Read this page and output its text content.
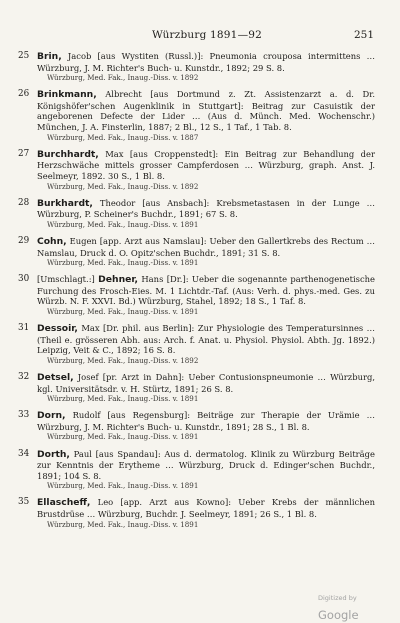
Würzburg 1891—92	251
25 Brin, Jacob [aus Wystiten (Russl.)]: Pneumonia crouposa intermittens … Würzburg, J. M. Richter's Buch- u. Kunstdr., 1892; 29 S. 8.
Würzburg, Med. Fak., Inaug.-Diss. v. 1892
26 Brinkmann, Albrecht [aus Dortmund z. Zt. Assistenzarzt a. d. Dr. Königshöfer'schen Augenklinik in Stuttgart]: Beitrag zur Casuistik der angeborenen Defecte der Lider … (Aus d. Münch. Med. Wochenschr.) München, J. A. Finsterlin, 1887; 2 Bl., 12 S., 1 Taf., 1 Tab. 8.
Würzburg, Med. Fak., Inaug.-Diss. v. 1887
27 Burchhardt, Max [aus Croppenstedt]: Ein Beitrag zur Behandlung der Herzschwäche mittels grosser Campferdosen … Würzburg, graph. Anst. J. Seelmeyr, 1892. 30 S., 1 Bl. 8.
Würzburg, Med. Fak., Inaug.-Diss. v. 1892
28 Burkhardt, Theodor [aus Ansbach]: Krebsmetastasen in der Lunge … Würzburg, P. Scheiner's Buchdr., 1891; 67 S. 8.
Würzburg, Med. Fak., Inaug.-Diss. v. 1891
29 Cohn, Eugen [app. Arzt aus Namslau]: Ueber den Gallertkrebs des Rectum … Namslau, Druck d. O. Opitz'schen Buchdr., 1891; 31 S. 8.
Würzburg, Med. Fak., Inaug.-Diss. v. 1891
30 [Umschlagt.:] Dehner, Hans [Dr.]: Ueber die sogenannte parthenogenetische Furchung des Frosch-Eies. M. 1 Lichtdr.-Taf. (Aus: Verh. d. phys.-med. Ges. zu Würzb. N. F. XXVI. Bd.) Würzburg, Stahel, 1892; 18 S., 1 Taf. 8.
Würzburg, Med. Fak., Inaug.-Diss. v. 1891
31 Dessoir, Max [Dr. phil. aus Berlin]: Zur Physiologie des Temperatursinnes … (Theil e. grösseren Abh. aus: Arch. f. Anat. u. Physiol. Physiol. Abth. Jg. 1892.) Leipzig, Veit & C., 1892; 16 S. 8.
Würzburg, Med. Fak., Inaug.-Diss. v. 1892
32 Detsel, Josef [pr. Arzt in Dahn]: Ueber Contusionspneumonie … Würzburg, kgl. Universitätsdr. v. H. Stürtz, 1891; 26 S. 8.
Würzburg, Med. Fak., Inaug.-Diss. v. 1891
33 Dorn, Rudolf [aus Regensburg]: Beiträge zur Therapie der Urämie … Würzburg, J. M. Richter's Buch- u. Kunstdr., 1891; 28 S., 1 Bl. 8.
Würzburg, Med. Fak., Inaug.-Diss. v. 1891
34 Dorth, Paul [aus Spandau]: Aus d. dermatolog. Klinik zu Würzburg Beiträge zur Kenntnis der Erytheme … Würzburg, Druck d. Edinger'schen Buchdr., 1891; 104 S. 8.
Würzburg, Med. Fak., Inaug.-Diss. v. 1891
35 Ellascheff, Leo [app. Arzt aus Kowno]: Ueber Krebs der männlichen Brustdrüse … Würzburg, Buchdr. J. Seelmeyr, 1891; 26 S., 1 Bl. 8.
Würzburg, Med. Fak., Inaug.-Diss. v. 1891
Digitized by Google
